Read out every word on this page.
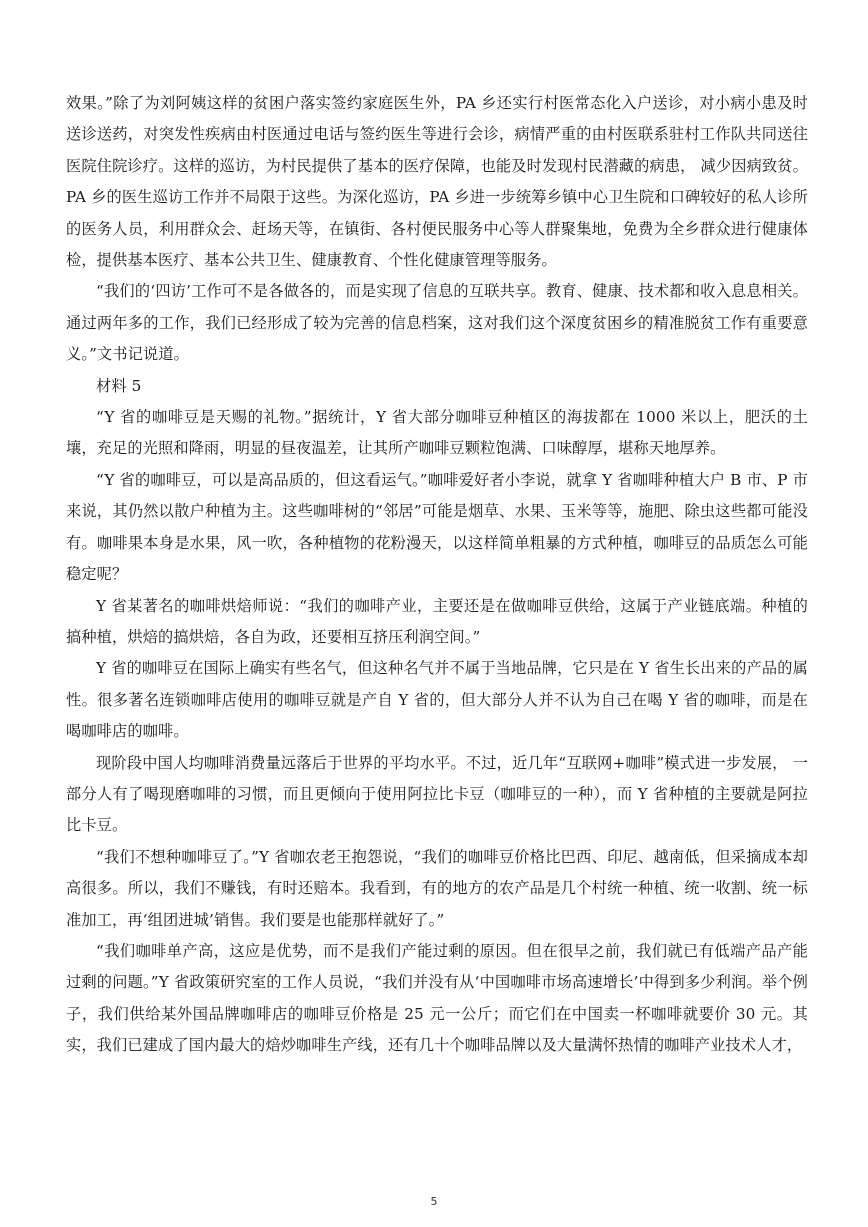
效果。”除了为刘阿姨这样的贫困户落实签约家庭医生外，PA 乡还实行村医常态化入户送诊，对小病小患及时送诊送药，对突发性疾病由村医通过电话与签约医生等进行会诊，病情严重的由村医联系驻村工作队共同送往医院住院诊疗。这样的巡访，为村民提供了基本的医疗保障，也能及时发现村民潜藏的病患， 减少因病致贫。PA 乡的医生巡访工作并不局限于这些。为深化巡访，PA 乡进一步统筹乡镇中心卫生院和口碑较好的私人诊所的医务人员，利用群众会、赶场天等，在镇街、各村便民服务中心等人群聚集地，免费为全乡群众进行健康体检，提供基本医疗、基本公共卫生、健康教育、个性化健康管理等服务。

“我们的‘四访’工作可不是各做各的，而是实现了信息的互联共享。教育、健康、技术都和收入息息相关。通过两年多的工作，我们已经形成了较为完善的信息档案，这对我们这个深度贫困乡的精准脱贫工作有重要意义。”文书记说道。

材料 5

“Y 省的咖啡豆是天赐的礼物。”据统计，Y 省大部分咖啡豆种植区的海拔都在 1000 米以上，肥沃的土壤，充足的光照和降雨，明显的昼夜温差，让其所产咖啡豆颗粒饱满、口味醇厚，堪称天地厚养。

“Y 省的咖啡豆，可以是高品质的，但这看运气。”咖啡爱好者小李说，就拿 Y 省咖啡种植大户 B 市、P 市来说，其仍然以散户种植为主。这些咖啡树的“邻居”可能是烟草、水果、玉米等等，施肥、除虫这些都可能没有。咖啡果本身是水果，风一吹，各种植物的花粉漫天，以这样简单粗暴的方式种植，咖啡豆的品质怎么可能稳定呢？

Y 省某著名的咖啡烘焙师说：“我们的咖啡产业，主要还是在做咖啡豆供给，这属于产业链底端。种植的搞种植，烘焙的搞烘焙，各自为政，还要相互挤压利润空间。”

Y 省的咖啡豆在国际上确实有些名气，但这种名气并不属于当地品牌，它只是在 Y 省生长出来的产品的属性。很多著名连锁咖啡店使用的咖啡豆就是产自 Y 省的，但大部分人并不认为自己在喝 Y 省的咖啡，而是在喝咖啡店的咖啡。

现阶段中国人均咖啡消费量远落后于世界的平均水平。不过，近几年“互联网+咖啡”模式进一步发展， 一部分人有了喝现磨咖啡的习惯，而且更倾向于使用阿拉比卡豆（咖啡豆的一种），而 Y 省种植的主要就是阿拉比卡豆。

“我们不想种咖啡豆了。”Y 省咖农老王抱怨说，“我们的咖啡豆价格比巴西、印尼、越南低，但采摘成本却高很多。所以，我们不赚钱，有时还赔本。我看到，有的地方的农产品是几个村统一种植、统一收割、统一标准加工，再‘组团进城’销售。我们要是也能那样就好了。”

“我们咖啡单产高，这应是优势，而不是我们产能过剩的原因。但在很早之前，我们就已有低端产品产能过剩的问题。”Y 省政策研究室的工作人员说，“我们并没有从‘中国咖啡市场高速增长’中得到多少利润。举个例子，我们供给某外国品牌咖啡店的咖啡豆价格是 25 元一公斤；而它们在中国卖一杯咖啡就要价 30 元。其实，我们已建成了国内最大的焙炒咖啡生产线，还有几十个咖啡品牌以及大量满怀热情的咖啡产业技术人才，

5
